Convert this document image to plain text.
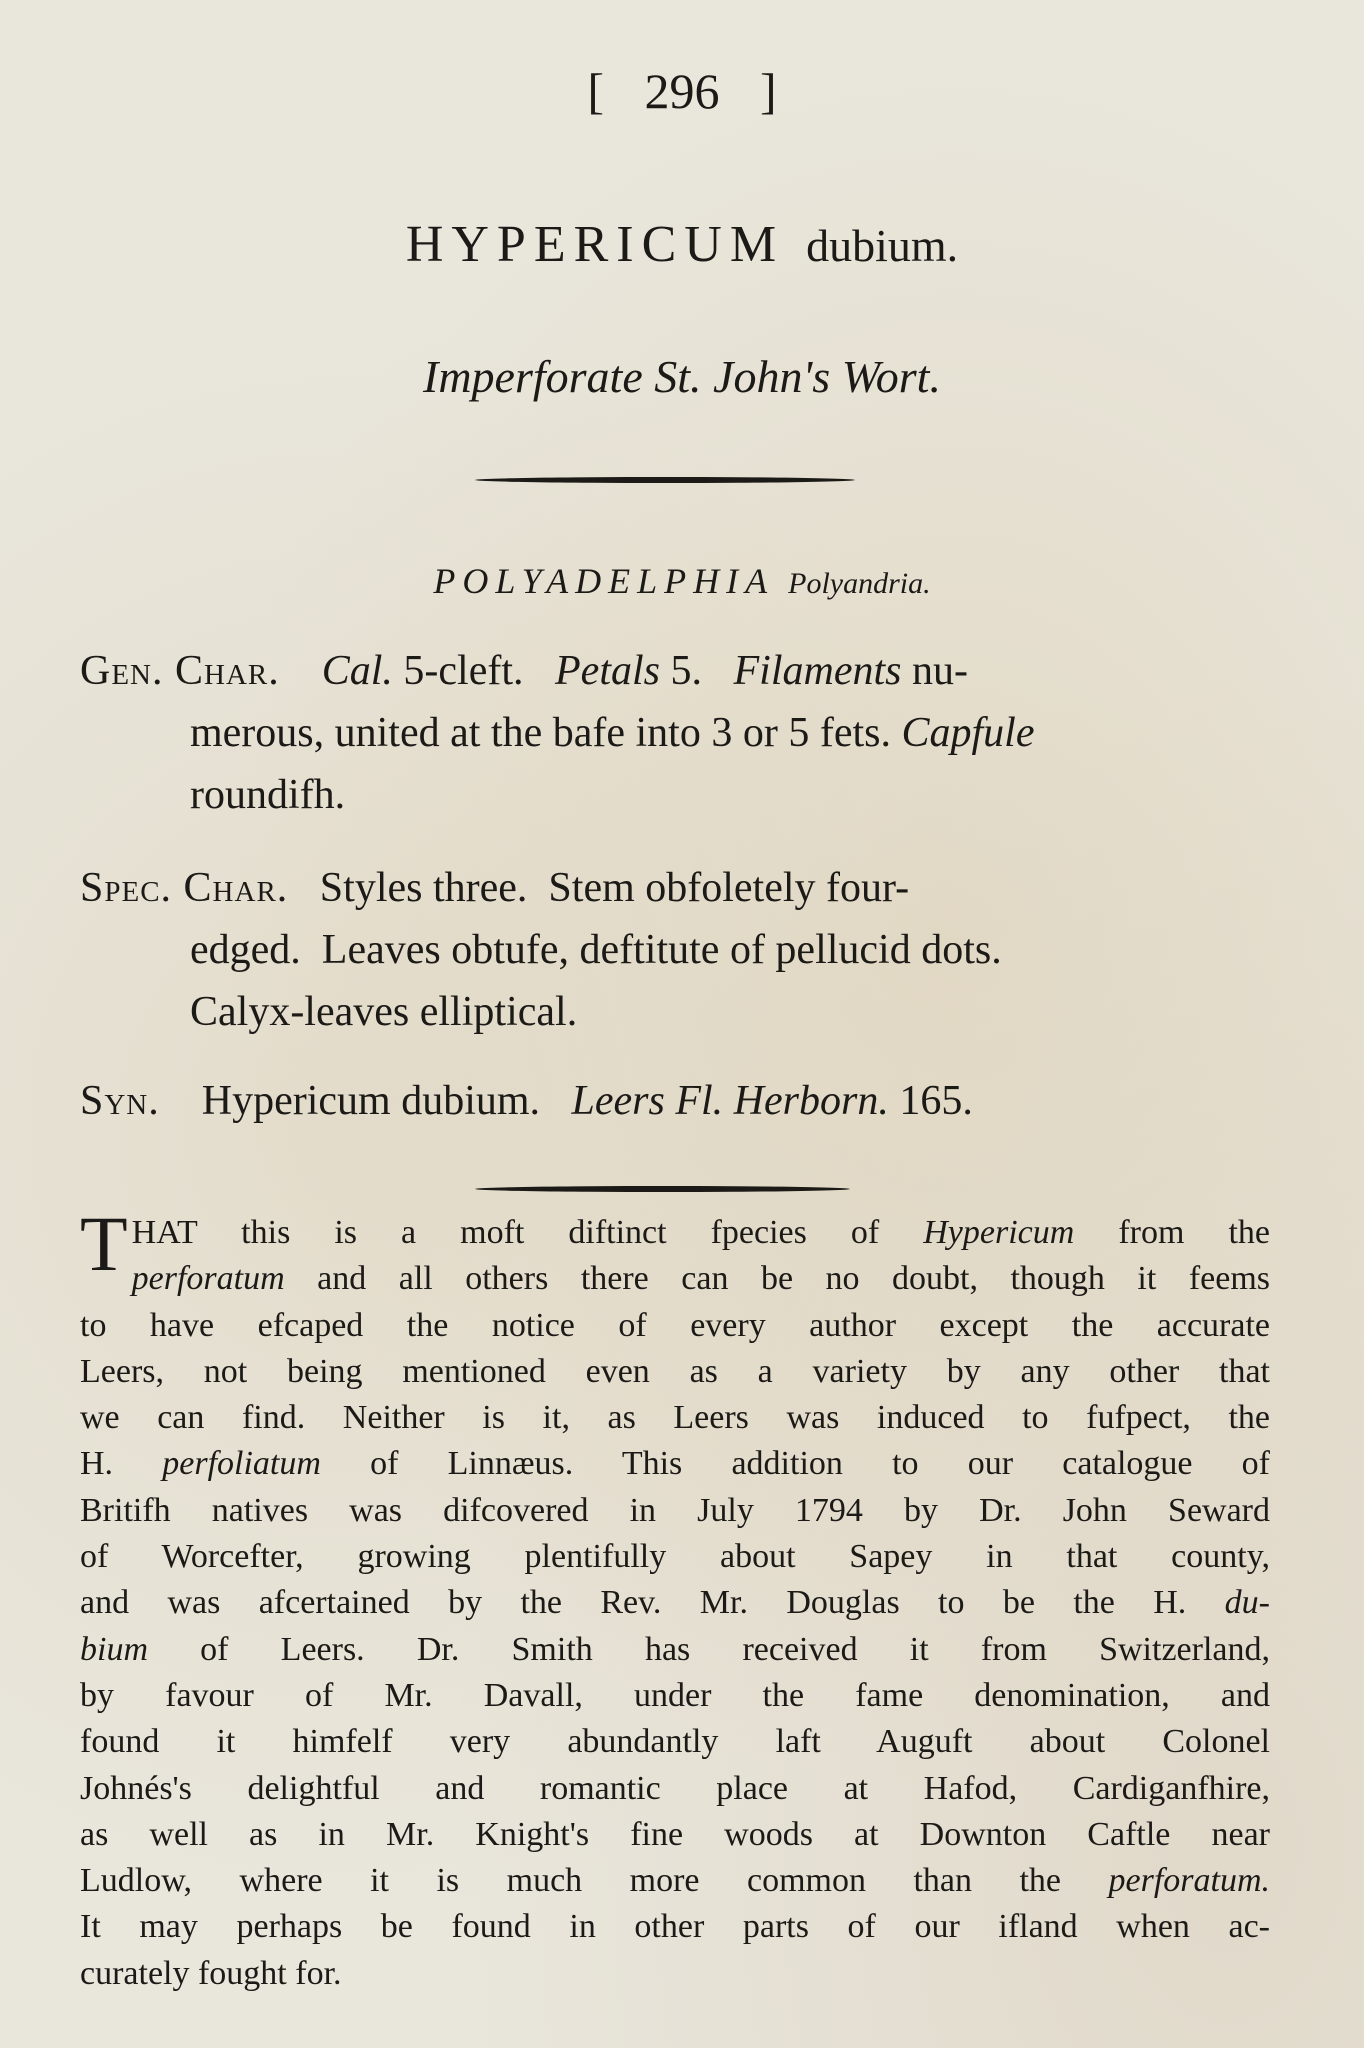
[ 296 ]
HYPERICUM dubium.
Imperforate St. John's Wort.
POLYADELPHIA Polyandria.
Gen. Char. Cal. 5-cleft.   Petals 5.   Filaments nu-
merous, united at the bafe into 3 or 5 fets. Capfule
roundifh.
Spec. Char. Styles three.  Stem obfoletely four-
edged.  Leaves obtufe, deftitute of pellucid dots.
Calyx-leaves elliptical.
Syn. Hypericum dubium. Leers Fl. Herborn. 165.
T HAT this is a moft diftinct fpecies of Hypericum from the
perforatum and all others there can be no doubt, though it feems
to have efcaped the notice of every author except the accurate
Leers, not being mentioned even as a variety by any other that
we can find. Neither is it, as Leers was induced to fufpect, the
H. perfoliatum of Linnæus. This addition to our catalogue of
Britifh natives was difcovered in July 1794 by Dr. John Seward
of Worcefter, growing plentifully about Sapey in that county,
and was afcertained by the Rev. Mr. Douglas to be the H. du-
bium of Leers. Dr. Smith has received it from Switzerland,
by favour of Mr. Davall, under the fame denomination, and
found it himfelf very abundantly laft Auguft about Colonel
Johnés's delightful and romantic place at Hafod, Cardiganfhire,
as well as in Mr. Knight's fine woods at Downton Caftle near
Ludlow, where it is much more common than the perforatum.
It may perhaps be found in other parts of our ifland when ac-
curately fought for.
